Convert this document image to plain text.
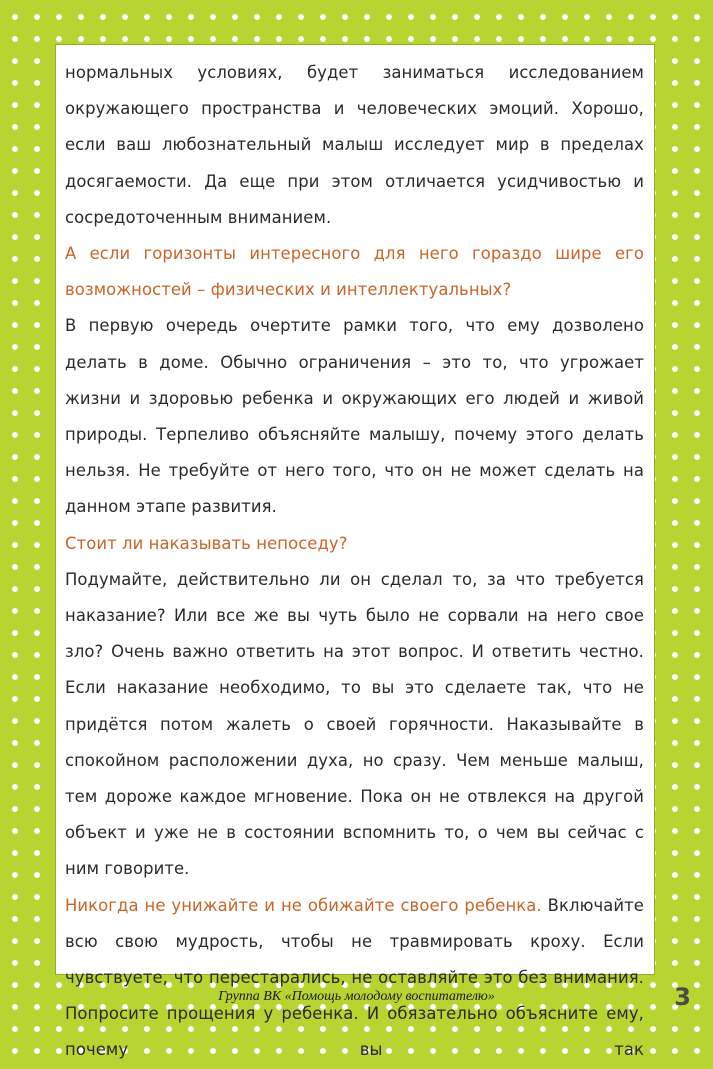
нормальных условиях, будет заниматься исследованием окружающего пространства и человеческих эмоций. Хорошо, если ваш любознательный малыш исследует мир в пределах досягаемости. Да еще при этом отличается усидчивостью и сосредоточенным вниманием.

А если горизонты интересного для него гораздо шире его возможностей – физических и интеллектуальных?

В первую очередь очертите рамки того, что ему дозволено делать в доме. Обычно ограничения – это то, что угрожает жизни и здоровью ребенка и окружающих его людей и живой природы. Терпеливо объясняйте малышу, почему этого делать нельзя. Не требуйте от него того, что он не может сделать на данном этапе развития.

Стоит ли наказывать непоседу?

Подумайте, действительно ли он сделал то, за что требуется наказание? Или все же вы чуть было не сорвали на него свое зло? Очень важно ответить на этот вопрос. И ответить честно. Если наказание необходимо, то вы это сделаете так, что не придётся потом жалеть о своей горячности. Наказывайте в спокойном расположении духа, но сразу. Чем меньше малыш, тем дороже каждое мгновение. Пока он не отвлекся на другой объект и уже не в состоянии вспомнить то, о чем вы сейчас с ним говорите.

Никогда не унижайте и не обижайте своего ребенка. Включайте всю свою мудрость, чтобы не травмировать кроху. Если чувствуете, что перестарались, не оставляйте это без внимания. Попросите прощения у ребенка. И обязательно объясните ему, почему вы так

Группа ВК «Помощь молодому воспитателю»	3
